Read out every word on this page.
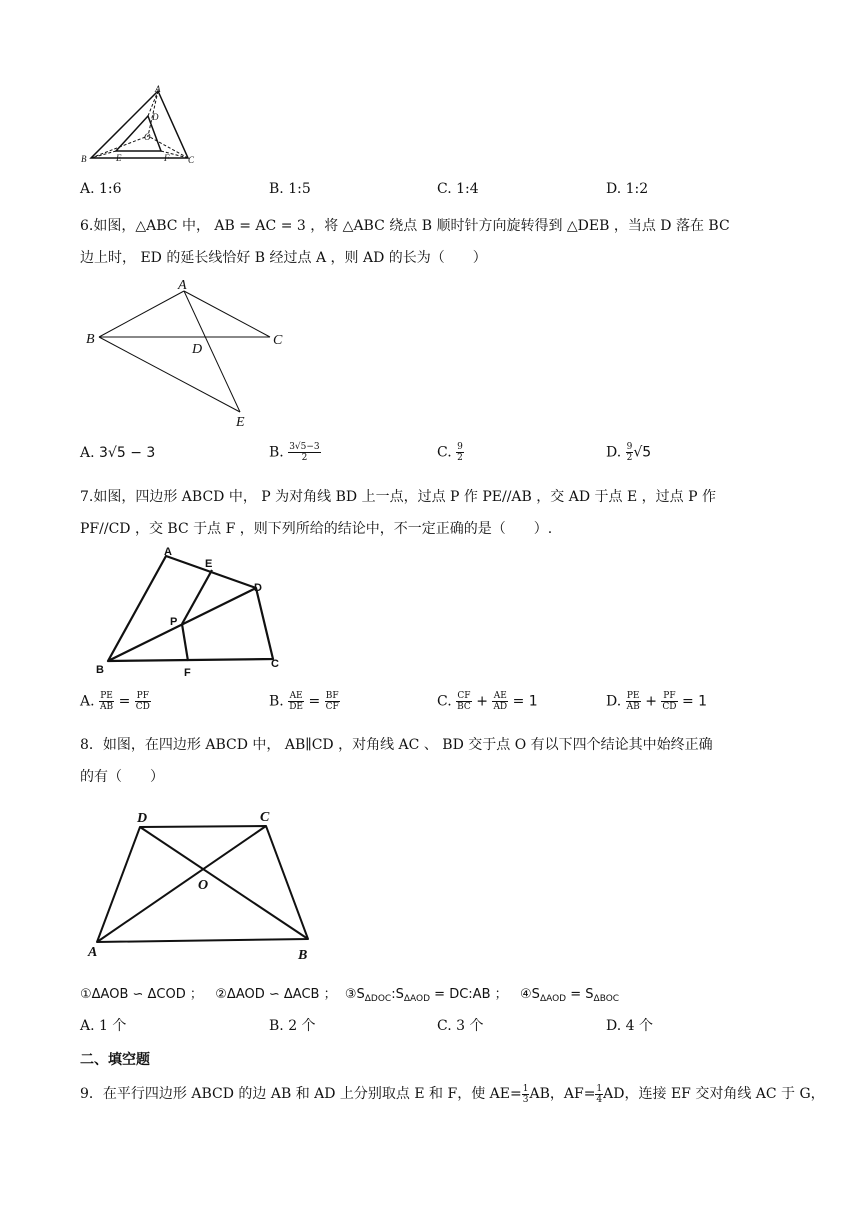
A
B	C
D
O
E	F
A. 1:6	B. 1:5	C. 1:4	D. 1:2
6.如图，△ABC 中， AB = AC = 3 ，将 △ABC 绕点 B 顺时针方向旋转得到 △DEB ，当点 D 落在 BC
边上时， ED 的延长线恰好 B 经过点 A ，则 AD 的长为（　　）
A
B	C
D
E
A. 3√5 − 3	B. $\frac{3√5-3}{2}$	C. $\frac{9}{2}$	D. $\frac{9}{2} √5$
7.如图，四边形 ABCD 中， P 为对角线 BD 上一点，过点 P 作 PE//AB ，交 AD 于点 E ，过点 P 作
PF//CD ，交 BC 于点 F ，则下列所给的结论中，不一定正确的是（　　）.
A
B	C
D
E
F
P
A. $\frac{PE}{AB} = \frac{PF}{CD}$	B. $\frac{AE}{DE} = \frac{BF}{CF}$	C. $\frac{CF}{BC} + \frac{AE}{AD} = 1$	D. $\frac{PE}{AB} + \frac{PF}{CD} = 1$
8．如图，在四边形 ABCD 中， AB∥CD ，对角线 AC 、 BD 交于点 O 有以下四个结论其中始终正确
的有（　　）
D	C
A	B
O
①ΔAOB ∽ ΔCOD ； ②ΔAOD ∽ ΔACB ； $③S_{\Delta DOC}:S_{\Delta AOD}$ = DC:AB ； $④S_{\Delta AOD} = S_{\Delta BOC}$
A. 1 个	B. 2 个	C. 3 个	D. 4 个
二、填空题
9．在平行四边形 ABCD 的边 AB 和 AD 上分别取点 E 和 F，使 $AE= \frac{1}{3}$ AB，$AF= \frac{1}{4}$ AD，连接 EF 交对角线 AC 于 G，
